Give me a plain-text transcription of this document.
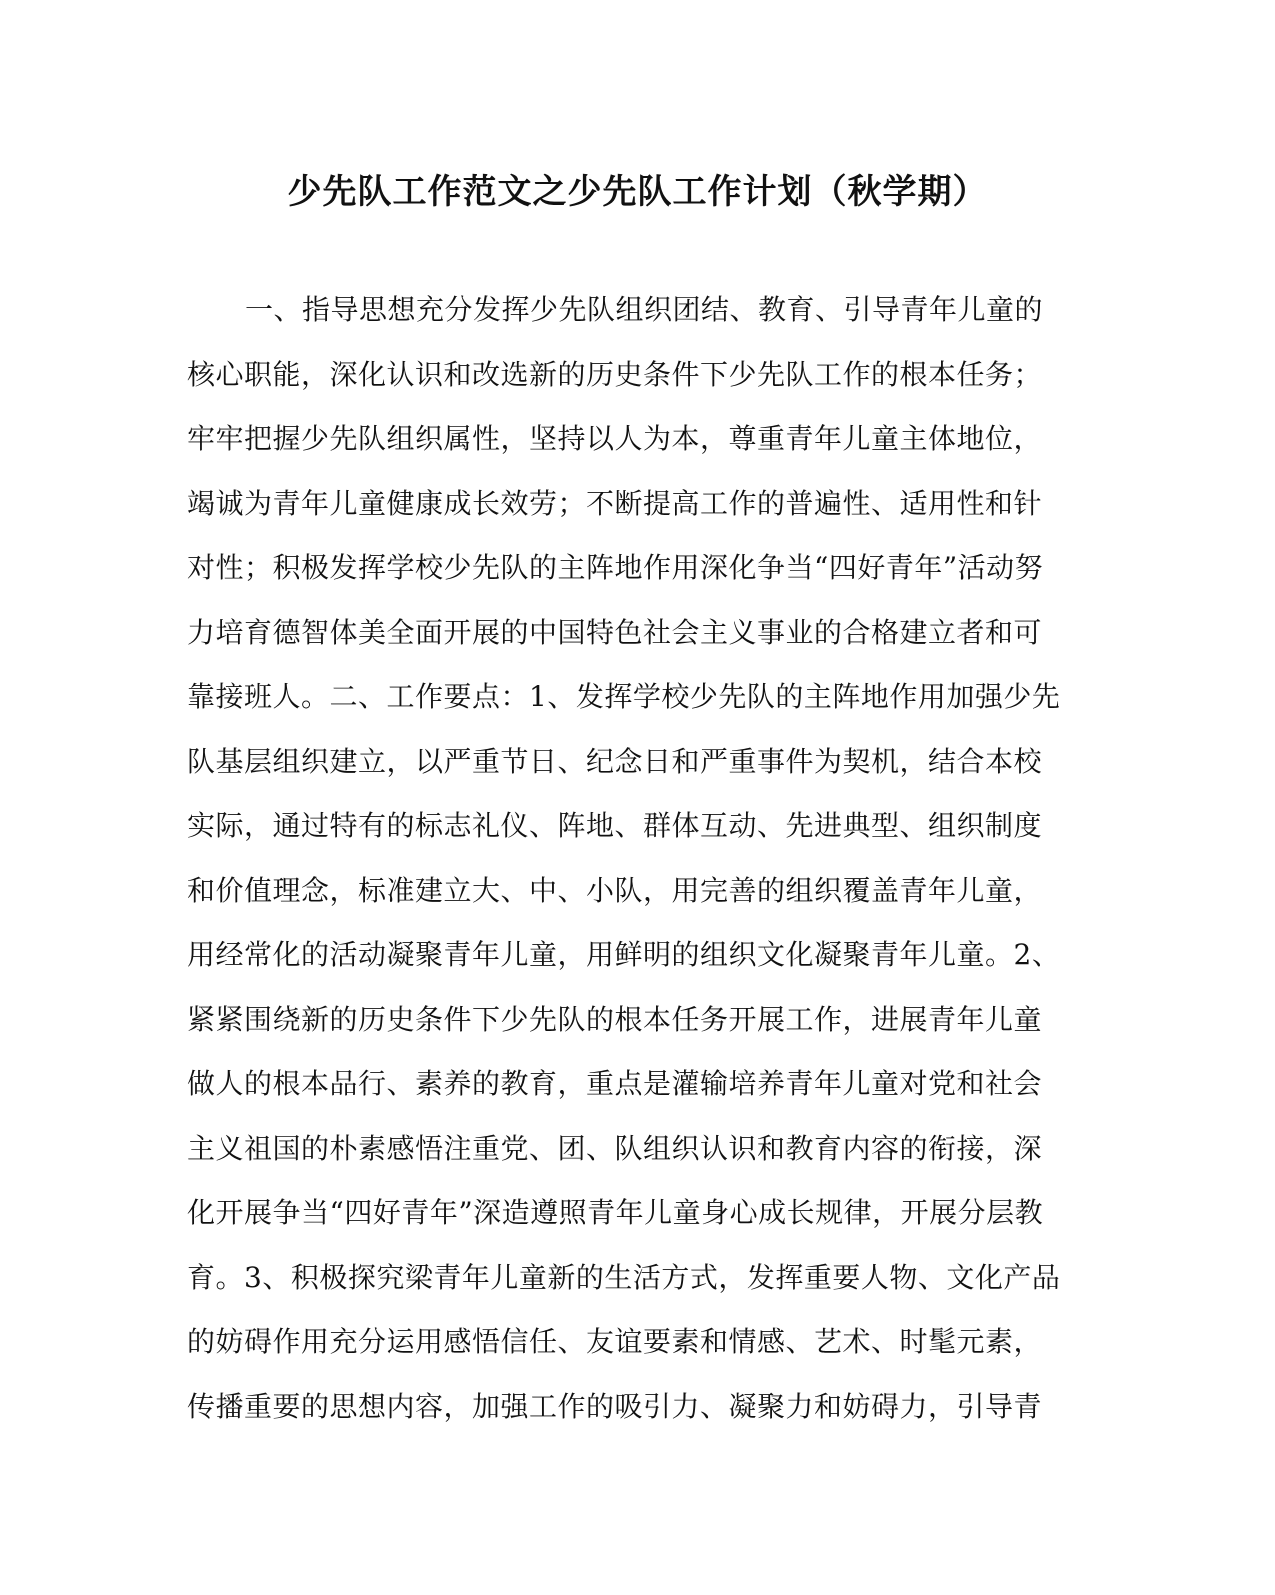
少先队工作范文之少先队工作计划（秋学期）
一、指导思想充分发挥少先队组织团结、教育、引导青年儿童的
核心职能，深化认识和改选新的历史条件下少先队工作的根本任务；
牢牢把握少先队组织属性，坚持以人为本，尊重青年儿童主体地位，
竭诚为青年儿童健康成长效劳；不断提高工作的普遍性、适用性和针
对性；积极发挥学校少先队的主阵地作用深化争当“四好青年”活动努
力培育德智体美全面开展的中国特色社会主义事业的合格建立者和可
靠接班人。二、工作要点：1、发挥学校少先队的主阵地作用加强少先
队基层组织建立，以严重节日、纪念日和严重事件为契机，结合本校
实际，通过特有的标志礼仪、阵地、群体互动、先进典型、组织制度
和价值理念，标准建立大、中、小队，用完善的组织覆盖青年儿童，
用经常化的活动凝聚青年儿童，用鲜明的组织文化凝聚青年儿童。2、
紧紧围绕新的历史条件下少先队的根本任务开展工作，进展青年儿童
做人的根本品行、素养的教育，重点是灌输培养青年儿童对党和社会
主义祖国的朴素感悟注重党、团、队组织认识和教育内容的衔接，深
化开展争当“四好青年”深造遵照青年儿童身心成长规律，开展分层教
育。3、积极探究梁青年儿童新的生活方式，发挥重要人物、文化产品
的妨碍作用充分运用感悟信任、友谊要素和情感、艺术、时髦元素，
传播重要的思想内容，加强工作的吸引力、凝聚力和妨碍力，引导青
